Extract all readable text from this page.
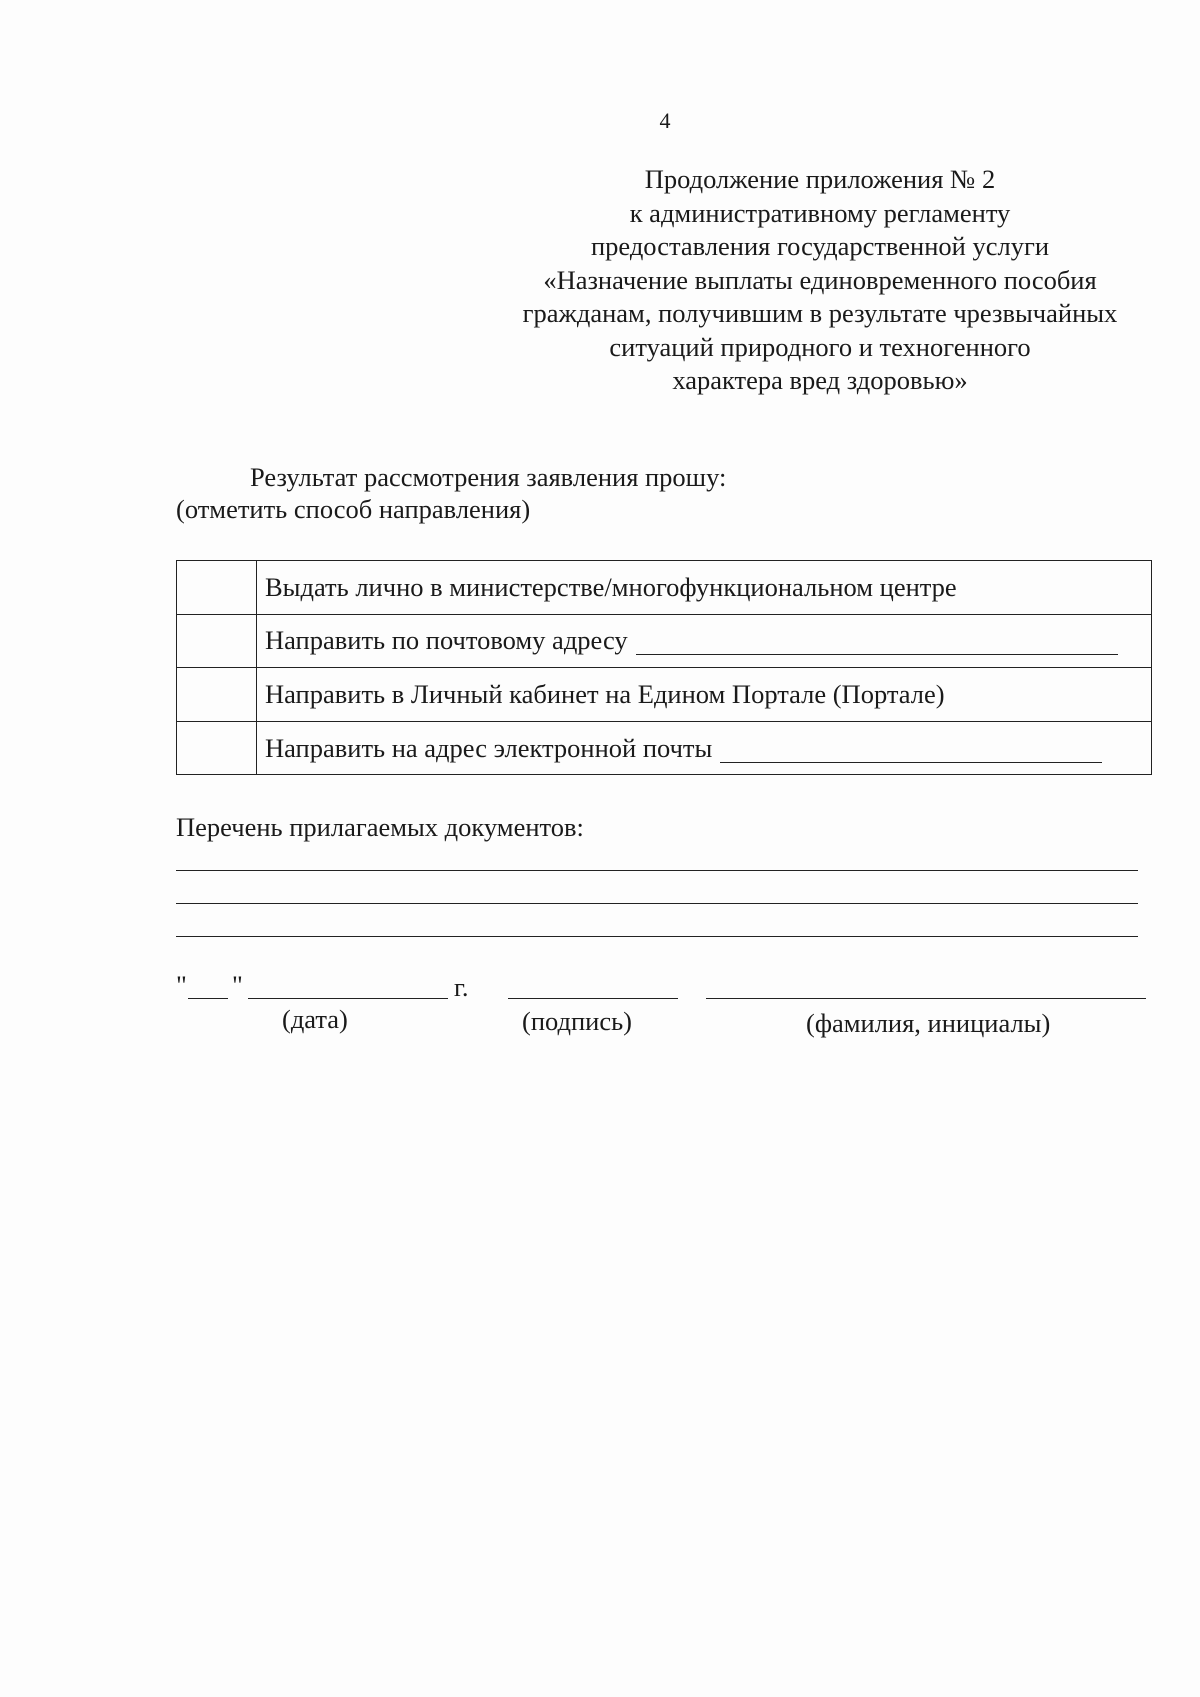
4
Продолжение приложения № 2
к административному регламенту
предоставления государственной услуги
«Назначение выплаты единовременного пособия
гражданам, получившим в результате чрезвычайных
ситуаций природного и техногенного
характера вред здоровью»
Результат рассмотрения заявления прошу:
(отметить способ направления)
Выдать лично в министерстве/многофункциональном центре
Направить по почтовому адресу
Направить в Личный кабинет на Едином Портале (Портале)
Направить на адрес электронной почты
Перечень прилагаемых документов:
" "	г.
(дата)	(подпись)	(фамилия, инициалы)
